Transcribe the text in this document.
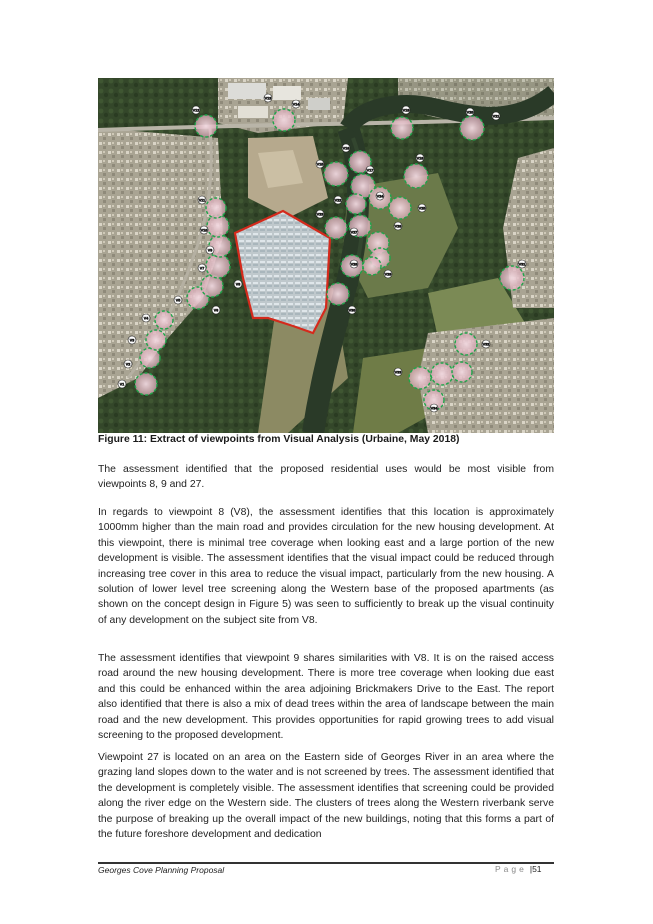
V1
V2
V3
V4
V5
V6
V7
V8
V9
V10
V11
V12
V13
V14
V15
V16
V17
V18
V19	V20
V21
V22
V23
V24
V25
V26
V27
V28
V29
V30
V31
V32
V33
V34
Figure 11: Extract of viewpoints from Visual Analysis (Urbaine, May 2018)

The assessment identified that the proposed residential uses would be most visible from viewpoints 8, 9 and 27.

In regards to viewpoint 8 (V8), the assessment identifies that this location is approximately 1000mm higher than the main road and provides circulation for the new housing development. At this viewpoint, there is minimal tree coverage when looking east and a large portion of the new development is visible. The assessment identifies that the visual impact could be reduced through increasing tree cover in this area to reduce the visual impact, particularly from the new housing. A solution of lower level tree screening along the Western base of the proposed apartments (as shown on the concept design in Figure 5) was seen to sufficiently to break up the visual continuity of any development on the subject site from V8.

The assessment identifies that viewpoint 9 shares similarities with V8. It is on the raised access road around the new housing development. There is more tree coverage when looking due east and this could be enhanced within the area adjoining Brickmakers Drive to the East. The report also identified that there is also a mix of dead trees within the area of landscape between the main road and the new development. This provides opportunities for rapid growing trees to add visual screening to the proposed development.

Viewpoint 27 is located on an area on the Eastern side of Georges River in an area where the grazing land slopes down to the water and is not screened by trees. The assessment identified that the development is completely visible. The assessment identifies that screening could be provided along the river edge on the Western side. The clusters of trees along the Western riverbank serve the purpose of breaking up the overall impact of the new buildings, noting that this forms a part of the future foreshore development and dedication

Georges Cove Planning Proposal	Page |51
